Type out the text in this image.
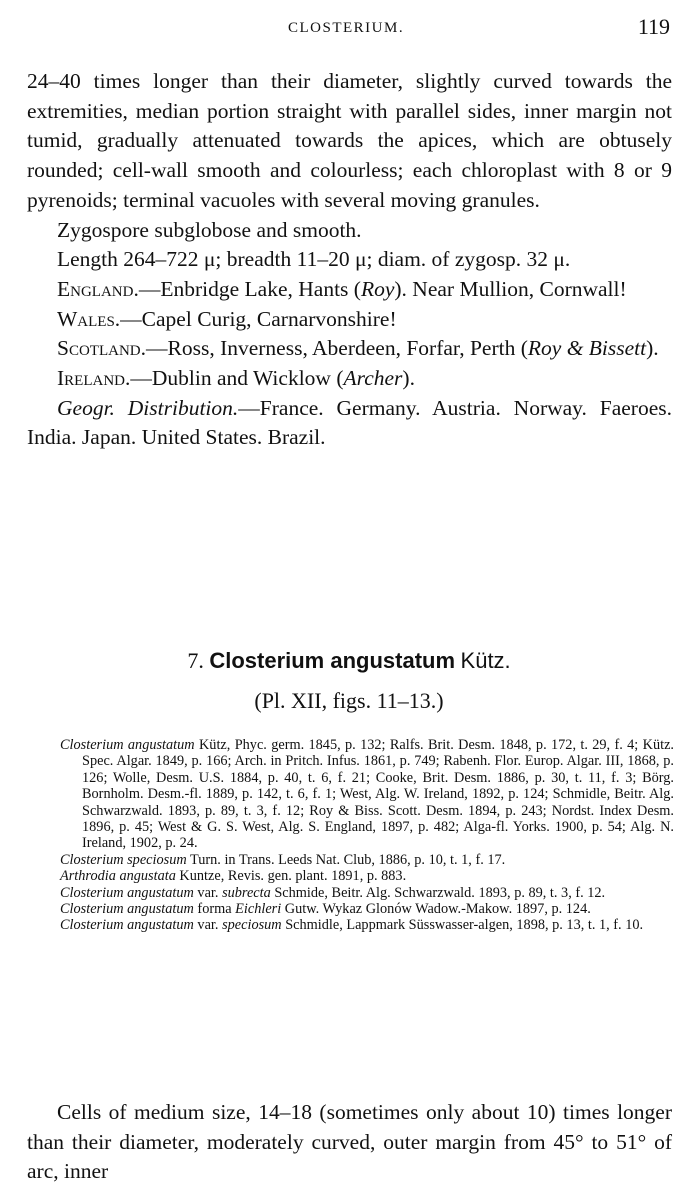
CLOSTERIUM.	119

24–40 times longer than their diameter, slightly curved towards the extremities, median portion straight with parallel sides, inner margin not tumid, gradually attenuated towards the apices, which are obtusely rounded; cell-wall smooth and colourless; each chloroplast with 8 or 9 pyrenoids; terminal vacuoles with several moving granules.

Zygospore subglobose and smooth.

Length 264–722 μ; breadth 11–20 μ; diam. of zygosp. 32 μ.

England.—Enbridge Lake, Hants (Roy). Near Mullion, Cornwall!

Wales.—Capel Curig, Carnarvonshire!

Scotland.—Ross, Inverness, Aberdeen, Forfar, Perth (Roy & Bissett).

Ireland.—Dublin and Wicklow (Archer).

Geogr. Distribution.—France. Germany. Austria. Norway. Faeroes. India. Japan. United States. Brazil.

7. Closterium angustatum Kütz.
(Pl. XII, figs. 11–13.)

Closterium angustatum Kütz, Phyc. germ. 1845, p. 132; Ralfs. Brit. Desm. 1848, p. 172, t. 29, f. 4; Kütz. Spec. Algar. 1849, p. 166; Arch. in Pritch. Infus. 1861, p. 749; Rabenh. Flor. Europ. Algar. III, 1868, p. 126; Wolle, Desm. U.S. 1884, p. 40, t. 6, f. 21; Cooke, Brit. Desm. 1886, p. 30, t. 11, f. 3; Börg. Bornholm. Desm.-fl. 1889, p. 142, t. 6, f. 1; West, Alg. W. Ireland, 1892, p. 124; Schmidle, Beitr. Alg. Schwarzwald. 1893, p. 89, t. 3, f. 12; Roy & Biss. Scott. Desm. 1894, p. 243; Nordst. Index Desm. 1896, p. 45; West & G. S. West, Alg. S. England, 1897, p. 482; Alga-fl. Yorks. 1900, p. 54; Alg. N. Ireland, 1902, p. 24.

Closterium speciosum Turn. in Trans. Leeds Nat. Club, 1886, p. 10, t. 1, f. 17.

Arthrodia angustata Kuntze, Revis. gen. plant. 1891, p. 883.

Closterium angustatum var. subrecta Schmide, Beitr. Alg. Schwarzwald. 1893, p. 89, t. 3, f. 12.

Closterium angustatum forma Eichleri Gutw. Wykaz Glonów Wadow.-Makow. 1897, p. 124.

Closterium angustatum var. speciosum Schmidle, Lappmark Süsswasser-algen, 1898, p. 13, t. 1, f. 10.

Cells of medium size, 14–18 (sometimes only about 10) times longer than their diameter, moderately curved, outer margin from 45° to 51° of arc, inner
